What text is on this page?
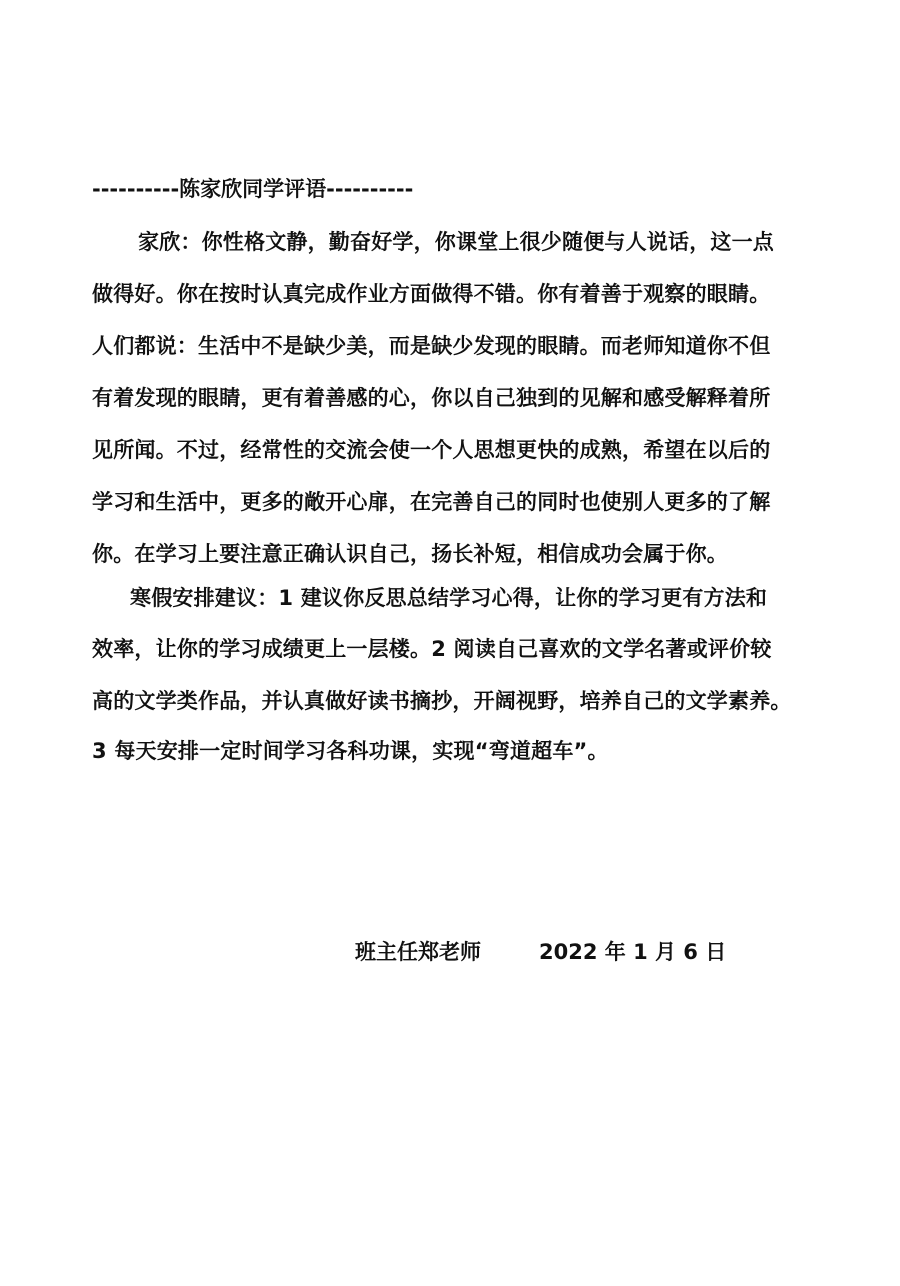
----------陈家欣同学评语----------
家欣：你性格文静，勤奋好学，你课堂上很少随便与人说话，这一点
做得好。你在按时认真完成作业方面做得不错。你有着善于观察的眼睛。
人们都说：生活中不是缺少美，而是缺少发现的眼睛。而老师知道你不但
有着发现的眼睛，更有着善感的心，你以自己独到的见解和感受解释着所
见所闻。不过，经常性的交流会使一个人思想更快的成熟，希望在以后的
学习和生活中，更多的敞开心扉，在完善自己的同时也使别人更多的了解
你。在学习上要注意正确认识自己，扬长补短，相信成功会属于你。
寒假安排建议：1 建议你反思总结学习心得，让你的学习更有方法和
效率，让你的学习成绩更上一层楼。2 阅读自己喜欢的文学名著或评价较
高的文学类作品，并认真做好读书摘抄，开阔视野，培养自己的文学素养。
3 每天安排一定时间学习各科功课，实现“弯道超车”。
班主任郑老师	2022 年 1 月 6 日
